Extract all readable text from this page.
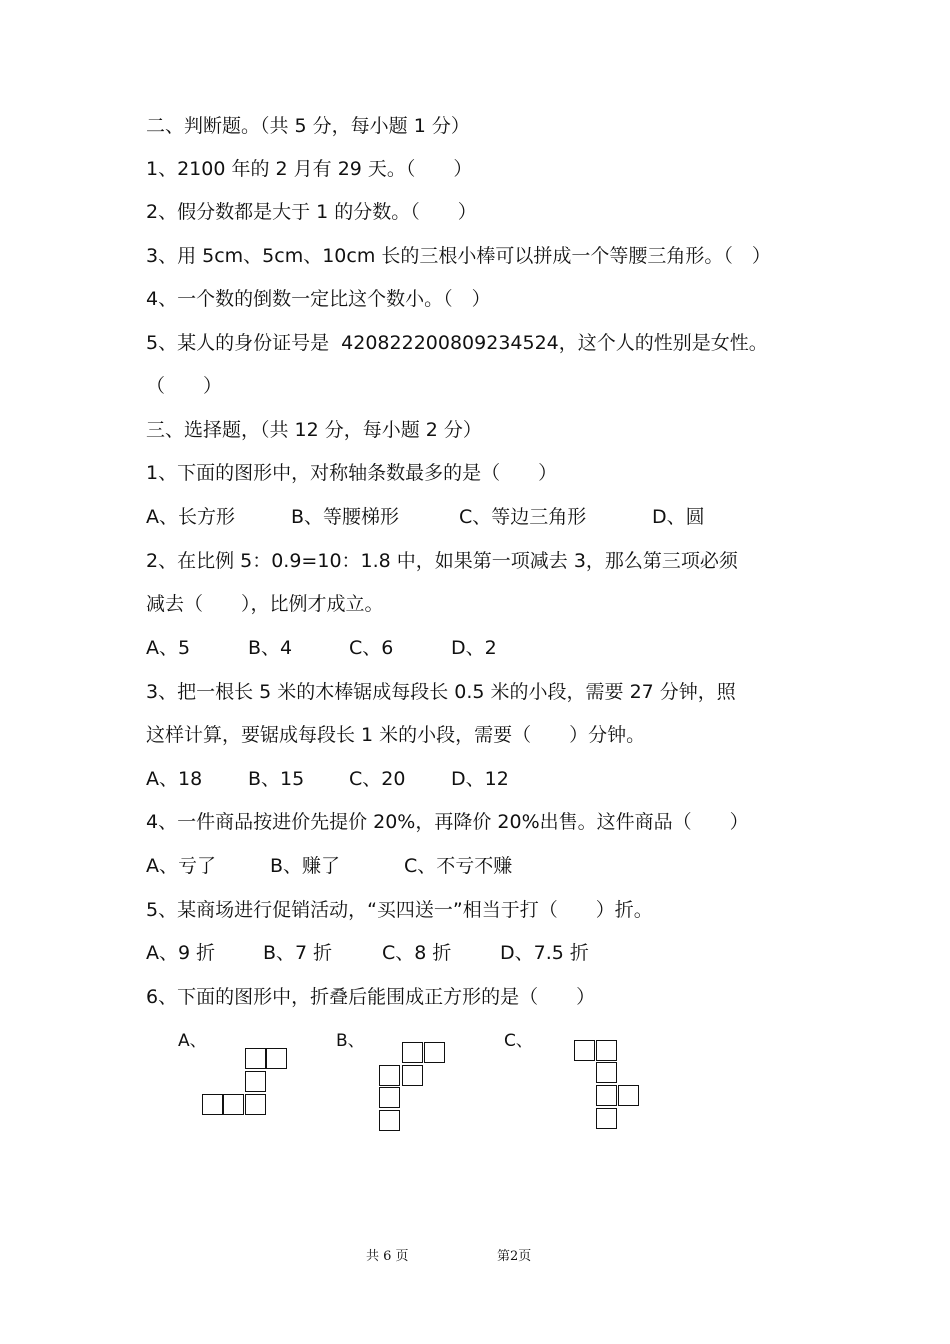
二、判断题。（共 5 分，每小题 1 分）
1、2100 年的 2 月有 29 天。（　　）
2、假分数都是大于 1 的分数。（　　）
3、用 5cm、5cm、10cm 长的三根小棒可以拼成一个等腰三角形。（　）
4、一个数的倒数一定比这个数小。（　）
5、某人的身份证号是  420822200809234524，这个人的性别是女性。
（　　）
三、选择题，（共 12 分，每小题 2 分）
1、下面的图形中，对称轴条数最多的是（　　）
A、长方形	B、等腰梯形	C、等边三角形	D、圆
2、在比例 5：0.9=10：1.8 中，如果第一项减去 3，那么第三项必须
减去（　　），比例才成立。
A、5	B、4	C、6	D、2
3、把一根长 5 米的木棒锯成每段长 0.5 米的小段，需要 27 分钟，照
这样计算，要锯成每段长 1 米的小段，需要（　　）分钟。
A、18 B、15 C、20 D、12
4、一件商品按进价先提价 20%，再降价 20%出售。这件商品（　　）
A、亏了	B、赚了	C、不亏不赚
5、某商场进行促销活动，“买四送一”相当于打（　　）折。
A、9 折	B、7 折	C、8 折	D、7.5 折
6、下面的图形中，折叠后能围成正方形的是（　　）
A、	B、	C、
共 6 页	第2页
